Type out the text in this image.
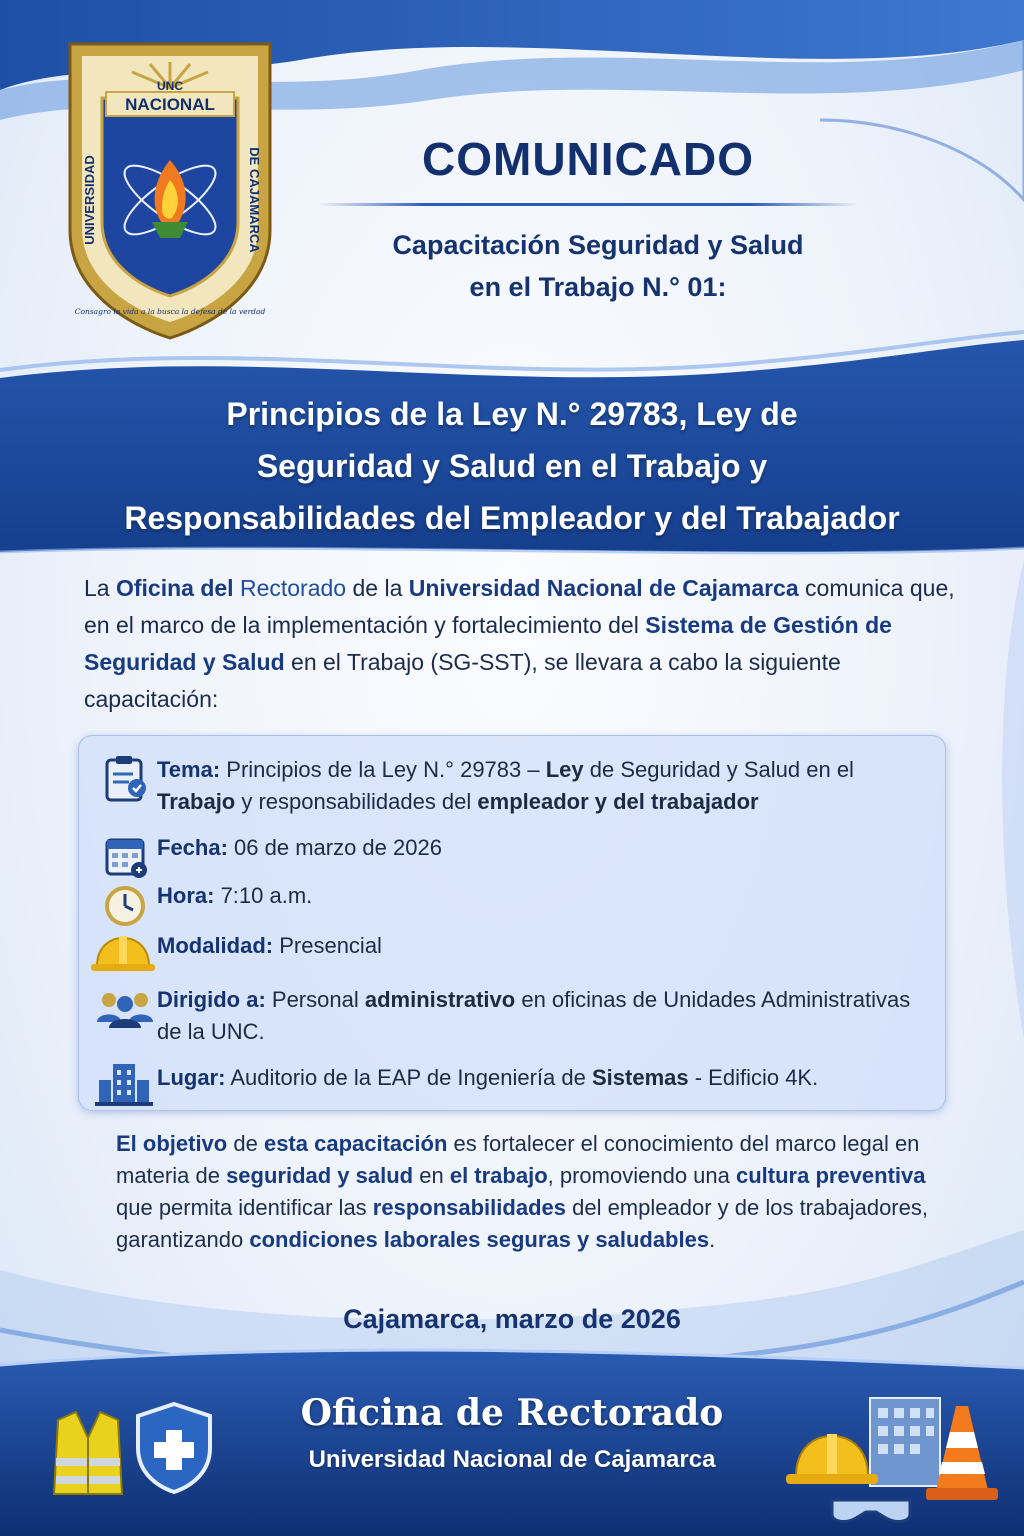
UNC
NACIONAL
UNIVERSIDAD	DE CAJAMARCA
Consagro la vida a la busca la defesa de la verdad
COMUNICADO
Capacitación Seguridad y Salud
en el Trabajo N.° 01:
Principios de la Ley N.° 29783, Ley de
Seguridad y Salud en el Trabajo y
Responsabilidades del Empleador y del Trabajador
La Oficina del Rectorado de la Universidad Nacional de Cajamarca comunica que, en el marco de la implementación y fortalecimiento del Sistema de Gestión de Seguridad y Salud en el Trabajo (SG-SST), se llevara a cabo la siguiente capacitación:
Tema: Principios de la Ley N.° 29783 – Ley de Seguridad y Salud en el Trabajo y responsabilidades del empleador y del trabajador
Fecha: 06 de marzo de 2026
Hora: 7:10 a.m.
Modalidad: Presencial
Dirigido a: Personal administrativo en oficinas de Unidades Administrativas de la UNC.
Lugar: Auditorio de la EAP de Ingeniería de Sistemas - Edificio 4K.
El objetivo de esta capacitación es fortalecer el conocimiento del marco legal en materia de seguridad y salud en el trabajo, promoviendo una cultura preventiva que permita identificar las responsabilidades del empleador y de los trabajadores, garantizando condiciones laborales seguras y saludables.
Cajamarca, marzo de 2026
Oficina de Rectorado
Universidad Nacional de Cajamarca
